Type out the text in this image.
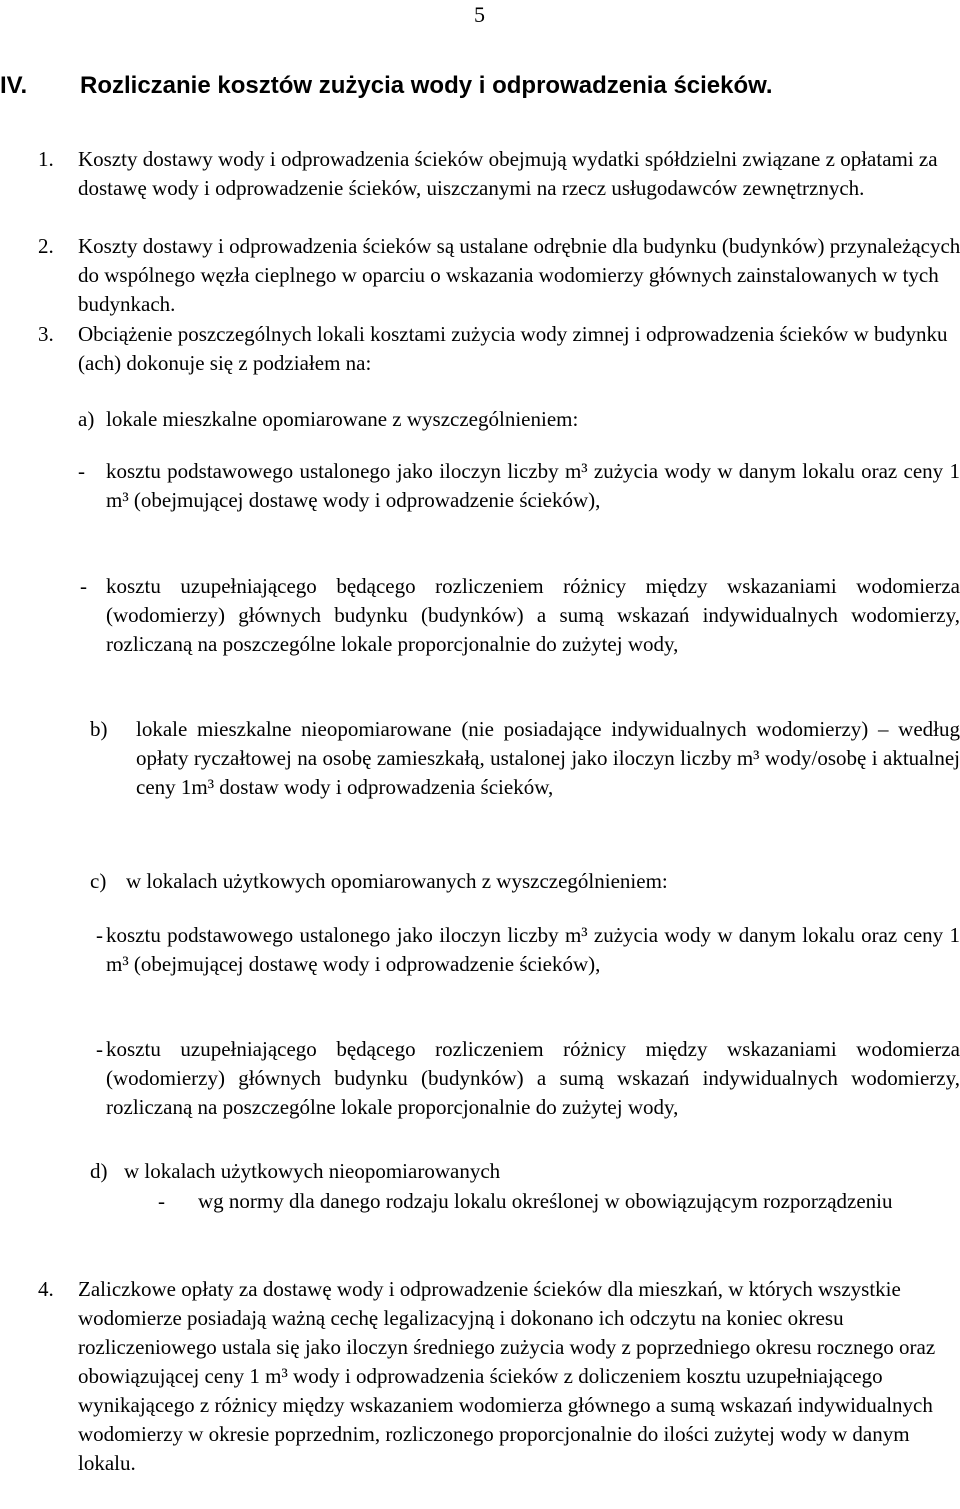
5
IV. Rozliczanie kosztów zużycia wody i odprowadzenia ścieków.
1. Koszty dostawy wody i odprowadzenia ścieków obejmują wydatki spółdzielni związane z opłatami za dostawę wody i odprowadzenie ścieków, uiszczanymi na rzecz usługodawców zewnętrznych.
2. Koszty dostawy i odprowadzenia ścieków są ustalane odrębnie dla budynku (budynków) przynależących do wspólnego węzła cieplnego w oparciu o wskazania wodomierzy głównych zainstalowanych w tych budynkach.
3. Obciążenie poszczególnych lokali kosztami zużycia wody zimnej i odprowadzenia ścieków w budynku (ach) dokonuje się z podziałem na:
a) lokale mieszkalne opomiarowane z wyszczególnieniem:
- kosztu podstawowego ustalonego jako iloczyn liczby m³ zużycia wody w danym lokalu oraz ceny 1 m³ (obejmującej dostawę wody i odprowadzenie ścieków),
- kosztu uzupełniającego będącego rozliczeniem różnicy między wskazaniami wodomierza (wodomierzy) głównych budynku (budynków) a sumą wskazań indywidualnych wodomierzy, rozliczaną na poszczególne lokale proporcjonalnie do zużytej wody,
b) lokale mieszkalne nieopomiarowane (nie posiadające indywidualnych wodomierzy) – według opłaty ryczałtowej na osobę zamieszkałą, ustalonej jako iloczyn liczby m³ wody/osobę i aktualnej ceny 1m³ dostaw wody i odprowadzenia ścieków,
c) w lokalach użytkowych opomiarowanych z wyszczególnieniem:
- kosztu podstawowego ustalonego jako iloczyn liczby m³ zużycia wody w danym lokalu oraz ceny 1 m³ (obejmującej dostawę wody i odprowadzenie ścieków),
- kosztu uzupełniającego będącego rozliczeniem różnicy między wskazaniami wodomierza (wodomierzy) głównych budynku (budynków) a sumą wskazań indywidualnych wodomierzy, rozliczaną na poszczególne lokale proporcjonalnie do zużytej wody,
d) w lokalach użytkowych nieopomiarowanych
- wg normy dla danego rodzaju lokalu określonej w obowiązującym rozporządzeniu
4. Zaliczkowe opłaty za dostawę wody i odprowadzenie ścieków dla mieszkań, w których wszystkie wodomierze posiadają ważną cechę legalizacyjną i dokonano ich odczytu na koniec okresu rozliczeniowego ustala się jako iloczyn średniego zużycia wody z poprzedniego okresu rocznego oraz obowiązującej ceny 1 m³ wody i odprowadzenia ścieków z doliczeniem kosztu uzupełniającego wynikającego z różnicy między wskazaniem wodomierza głównego a sumą wskazań indywidualnych wodomierzy w okresie poprzednim, rozliczonego proporcjonalnie do ilości zużytej wody w danym lokalu.
